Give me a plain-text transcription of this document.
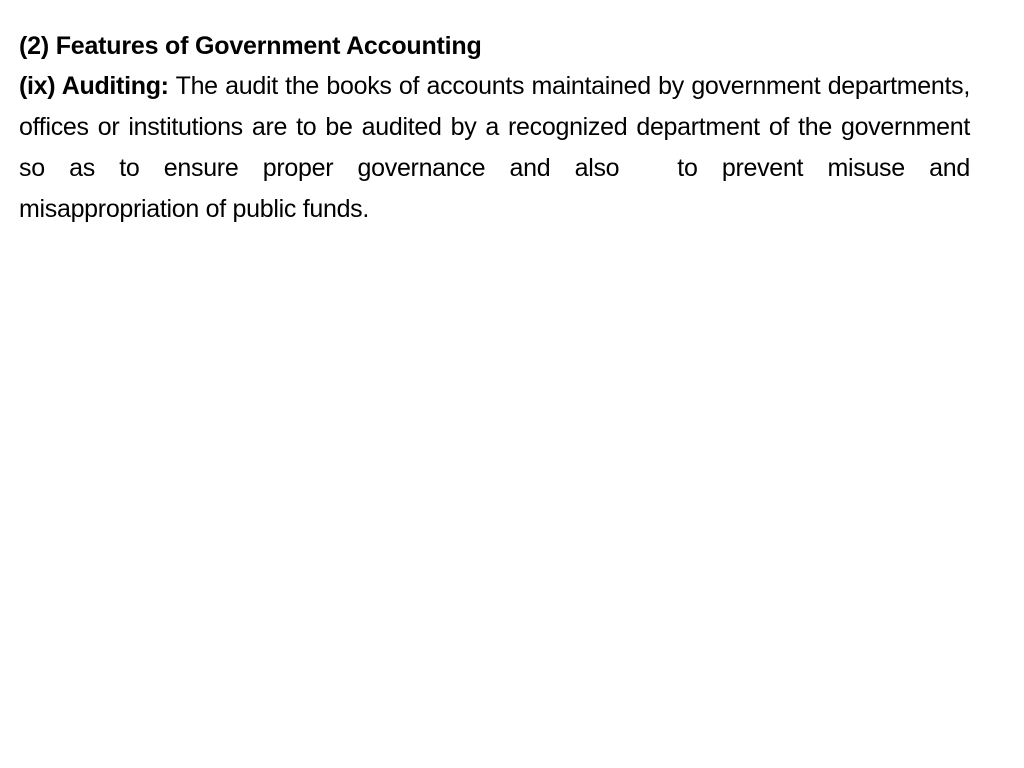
(2) Features of Government Accounting

(ix) Auditing: The audit the books of accounts maintained by government departments, offices or institutions are to be audited by a recognized department of the government so as to ensure proper governance and also to prevent misuse and misappropriation of public funds.
